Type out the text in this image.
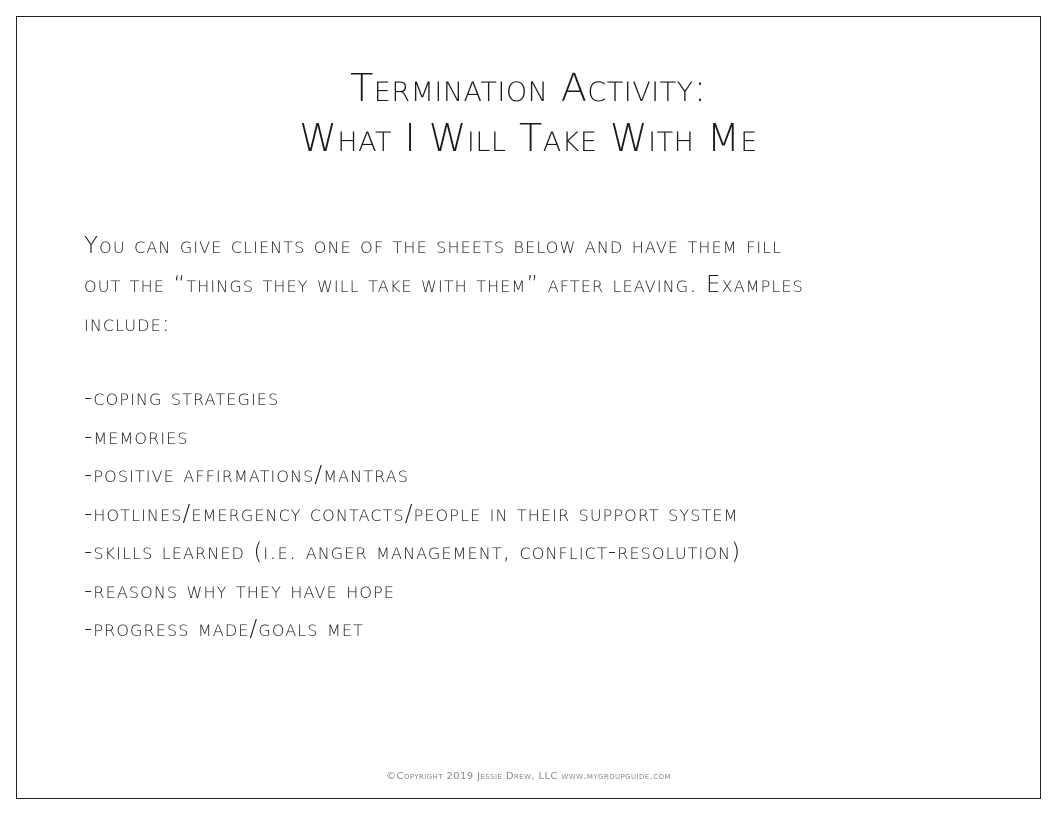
Termination Activity:
What I Will Take With Me

You can give clients one of the sheets below and have them fill
out the “things they will take with them” after leaving. Examples
include:

-coping strategies
-memories
-positive affirmations/mantras
-hotlines/emergency contacts/people in their support system
-skills learned (i.e. anger management, conflict-resolution)
-reasons why they have hope
-progress made/goals met
©Copyright 2019 Jessie Drew, LLC www.mygroupguide.com
